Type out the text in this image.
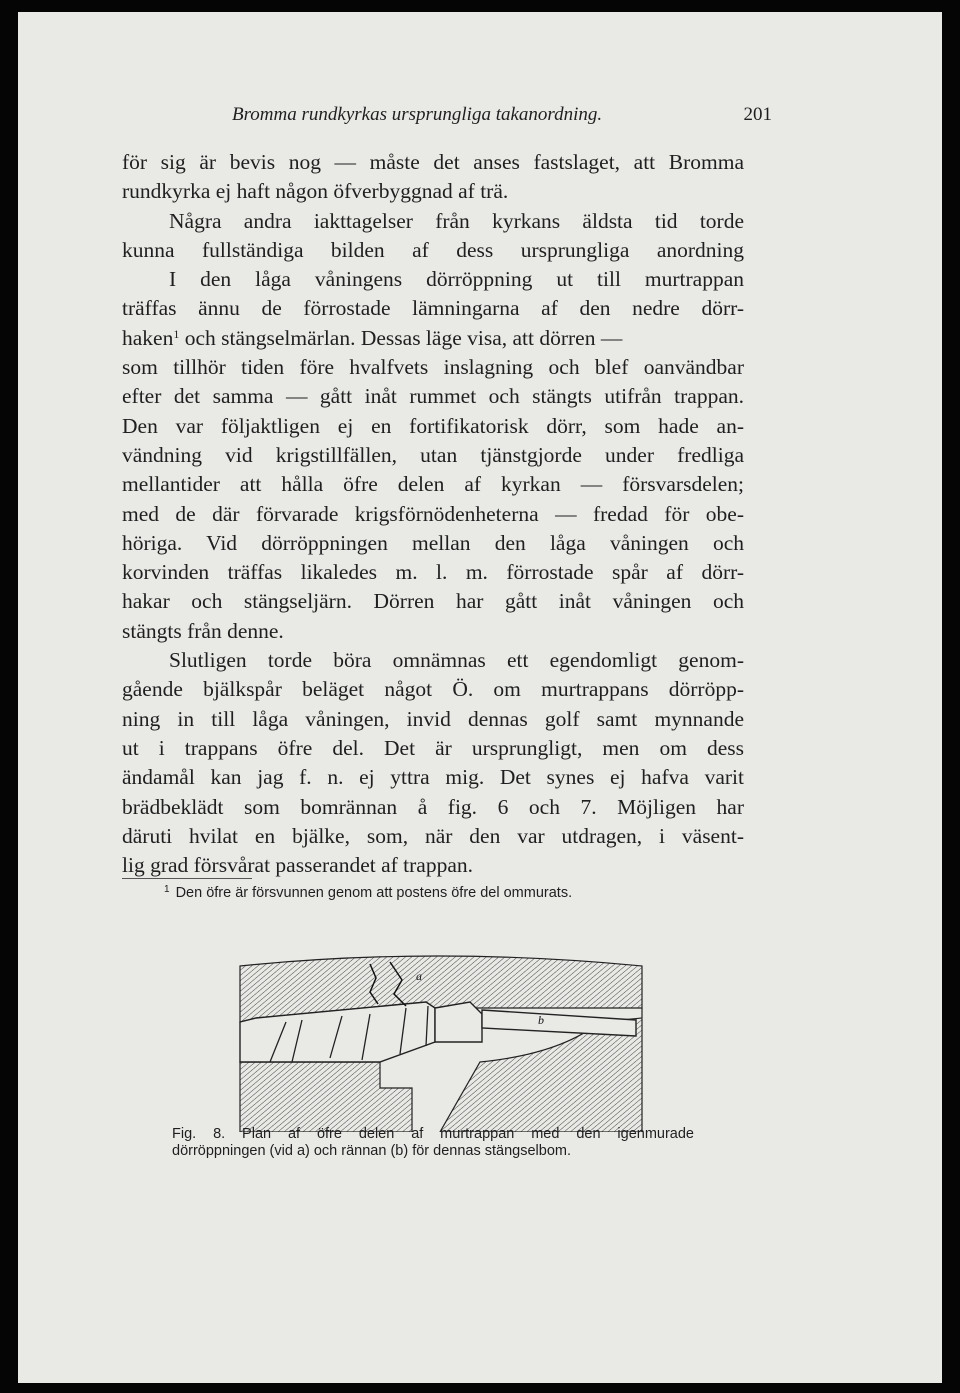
Bromma rundkyrkas ursprungliga takanordning.	201
för sig är bevis nog — måste det anses fastslaget, att Bromma
rundkyrka ej haft någon öfverbyggnad af trä.
Några andra iakttagelser från kyrkans äldsta tid torde
kunna fullständiga bilden af dess ursprungliga anordning
I den låga våningens dörröppning ut till murtrappan
träffas ännu de förrostade lämningarna af den nedre dörr-
haken$^1$ och stängselmärlan. Dessas läge visa, att dörren —
som tillhör tiden före hvalfvets inslagning och blef oanvändbar
efter det samma — gått inåt rummet och stängts utifrån trappan.
Den var följaktligen ej en fortifikatorisk dörr, som hade an-
vändning vid krigstillfällen, utan tjänstgjorde under fredliga
mellantider att hålla öfre delen af kyrkan — försvarsdelen;
med de där förvarade krigsförnödenheterna — fredad för obe-
höriga. Vid dörröppningen mellan den låga våningen och
korvinden träffas likaledes m. l. m. förrostade spår af dörr-
hakar och stängseljärn. Dörren har gått inåt våningen och
stängts från denne.
Slutligen torde böra omnämnas ett egendomligt genom-
gående bjälkspår beläget något Ö. om murtrappans dörröpp-
ning in till låga våningen, invid dennas golf samt mynnande
ut i trappans öfre del. Det är ursprungligt, men om dess
ändamål kan jag f. n. ej yttra mig. Det synes ej hafva varit
brädbeklädt som bomrännan å fig. 6 och 7. Möjligen har
däruti hvilat en bjälke, som, när den var utdragen, i väsent-
lig grad försvårat passerandet af trappan.
$^1$ Den öfre är försvunnen genom att postens öfre del ommurats.
a
b
Fig. 8. Plan af öfre delen af murtrappan med den igenmurade
dörröppningen (vid a) och rännan (b) för dennas stängselbom.
